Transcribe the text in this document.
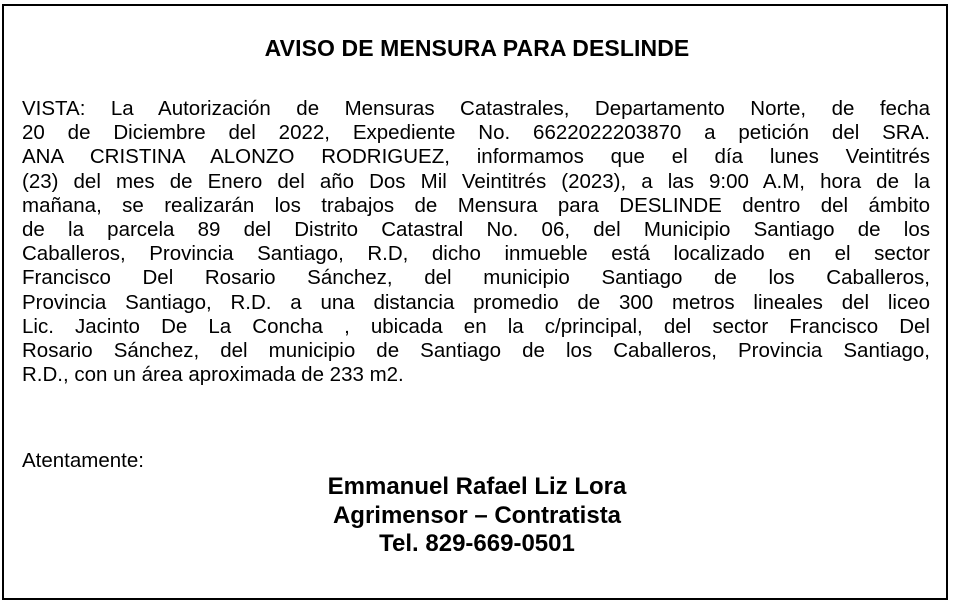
AVISO DE MENSURA PARA DESLINDE
VISTA: La Autorización de Mensuras Catastrales, Departamento Norte, de fecha
20 de Diciembre del 2022, Expediente No. 6622022203870 a petición del SRA.
ANA CRISTINA ALONZO RODRIGUEZ, informamos que el día lunes Veintitrés
(23) del mes de Enero del año Dos Mil Veintitrés (2023), a las 9:00 A.M, hora de la
mañana, se realizarán los trabajos de Mensura para DESLINDE dentro del ámbito
de la parcela 89 del Distrito Catastral No. 06, del Municipio Santiago de los
Caballeros, Provincia Santiago, R.D, dicho inmueble está localizado en el sector
Francisco Del Rosario Sánchez, del municipio Santiago de los Caballeros,
Provincia Santiago, R.D. a una distancia promedio de 300 metros lineales del liceo
Lic. Jacinto De La Concha , ubicada en la c/principal, del sector Francisco Del
Rosario Sánchez, del municipio de Santiago de los Caballeros, Provincia Santiago,
R.D., con un área aproximada de 233 m2.
Atentamente:
Emmanuel Rafael Liz Lora
Agrimensor – Contratista
Tel. 829-669-0501
